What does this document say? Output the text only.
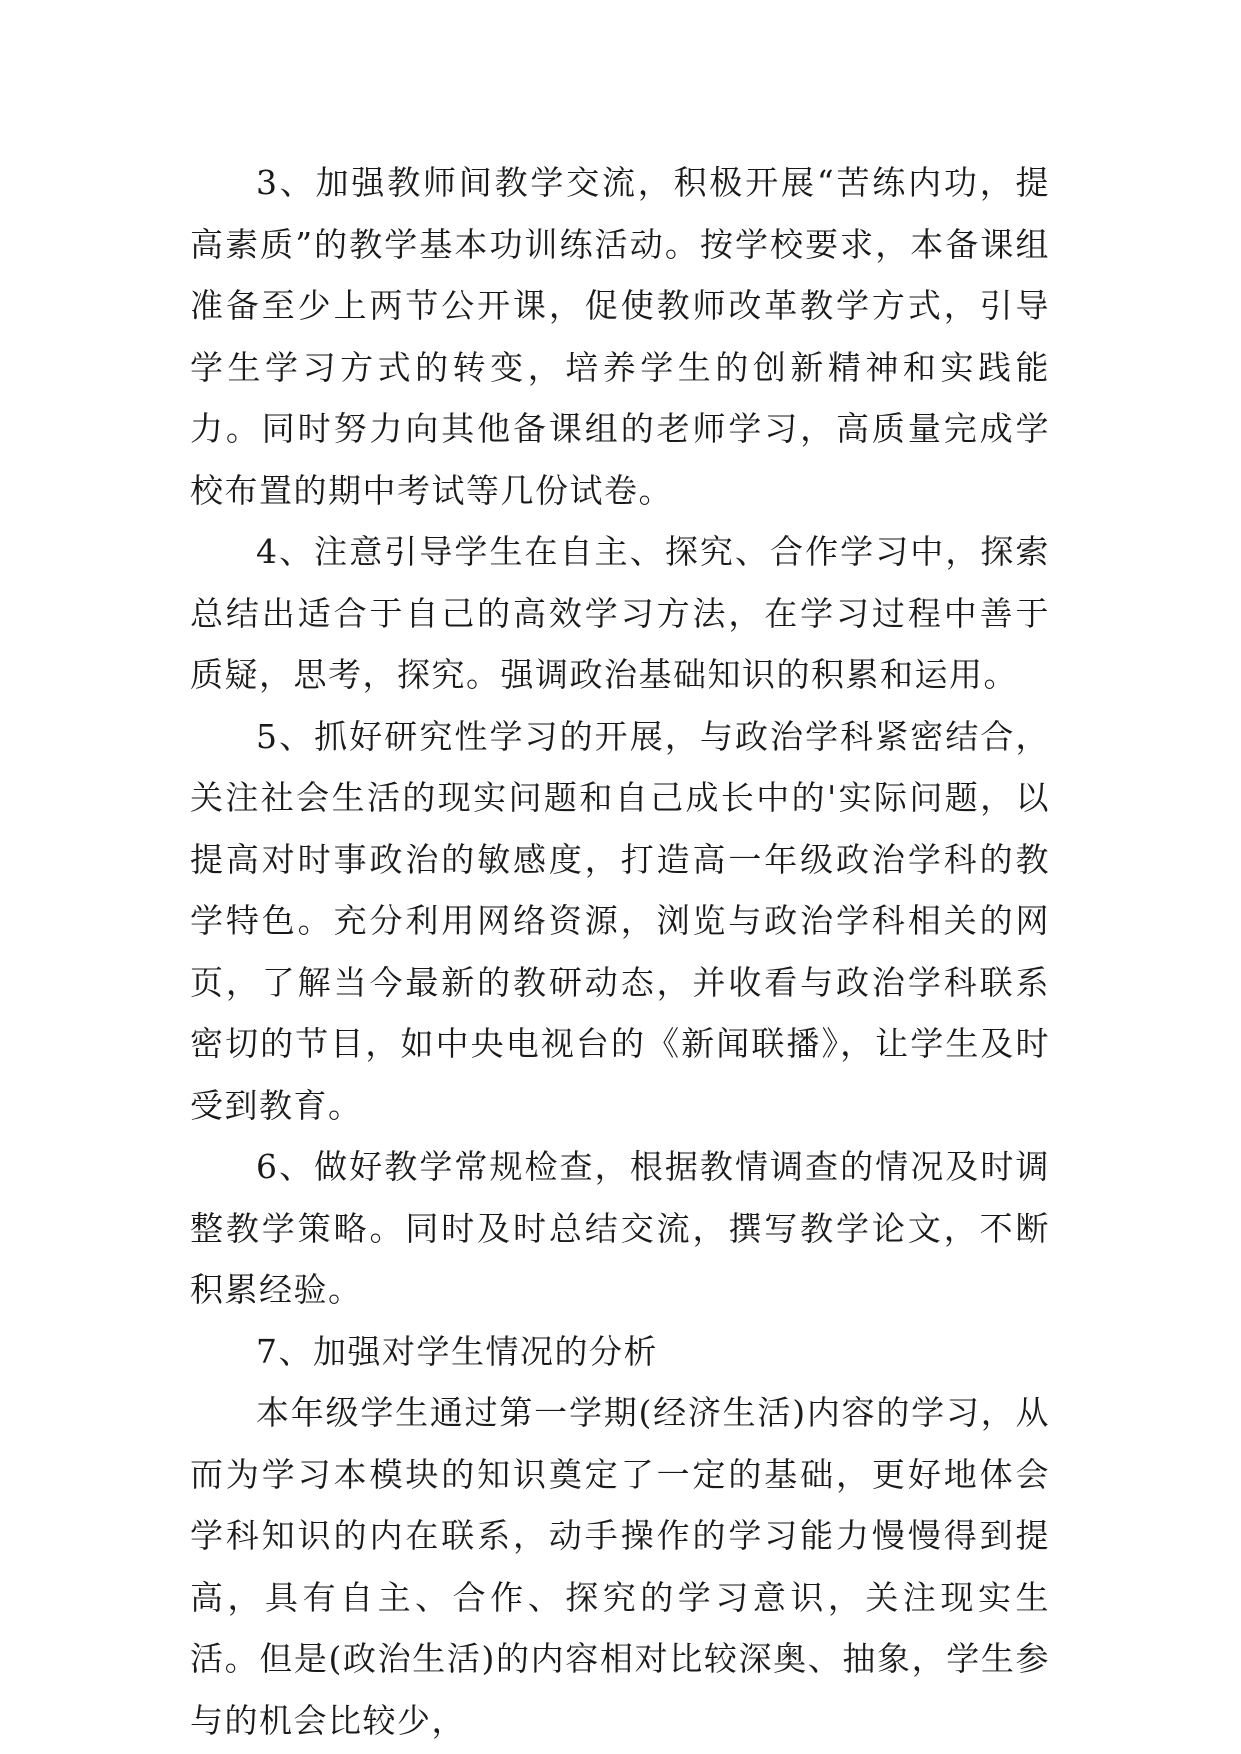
3、加强教师间教学交流，积极开展“苦练内功，提高素质”的教学基本功训练活动。按学校要求，本备课组准备至少上两节公开课，促使教师改革教学方式，引导学生学习方式的转变，培养学生的创新精神和实践能力。同时努力向其他备课组的老师学习，高质量完成学校布置的期中考试等几份试卷。

4、注意引导学生在自主、探究、合作学习中，探索总结出适合于自己的高效学习方法，在学习过程中善于质疑，思考，探究。强调政治基础知识的积累和运用。

5、抓好研究性学习的开展，与政治学科紧密结合，关注社会生活的现实问题和自己成长中的'实际问题，以提高对时事政治的敏感度，打造高一年级政治学科的教学特色。充分利用网络资源，浏览与政治学科相关的网页，了解当今最新的教研动态，并收看与政治学科联系密切的节目，如中央电视台的《新闻联播》，让学生及时受到教育。

6、做好教学常规检查，根据教情调查的情况及时调整教学策略。同时及时总结交流，撰写教学论文，不断积累经验。

7、加强对学生情况的分析

本年级学生通过第一学期(经济生活)内容的学习，从而为学习本模块的知识奠定了一定的基础，更好地体会学科知识的内在联系，动手操作的学习能力慢慢得到提高，具有自主、合作、探究的学习意识，关注现实生活。但是(政治生活)的内容相对比较深奥、抽象，学生参与的机会比较少，
